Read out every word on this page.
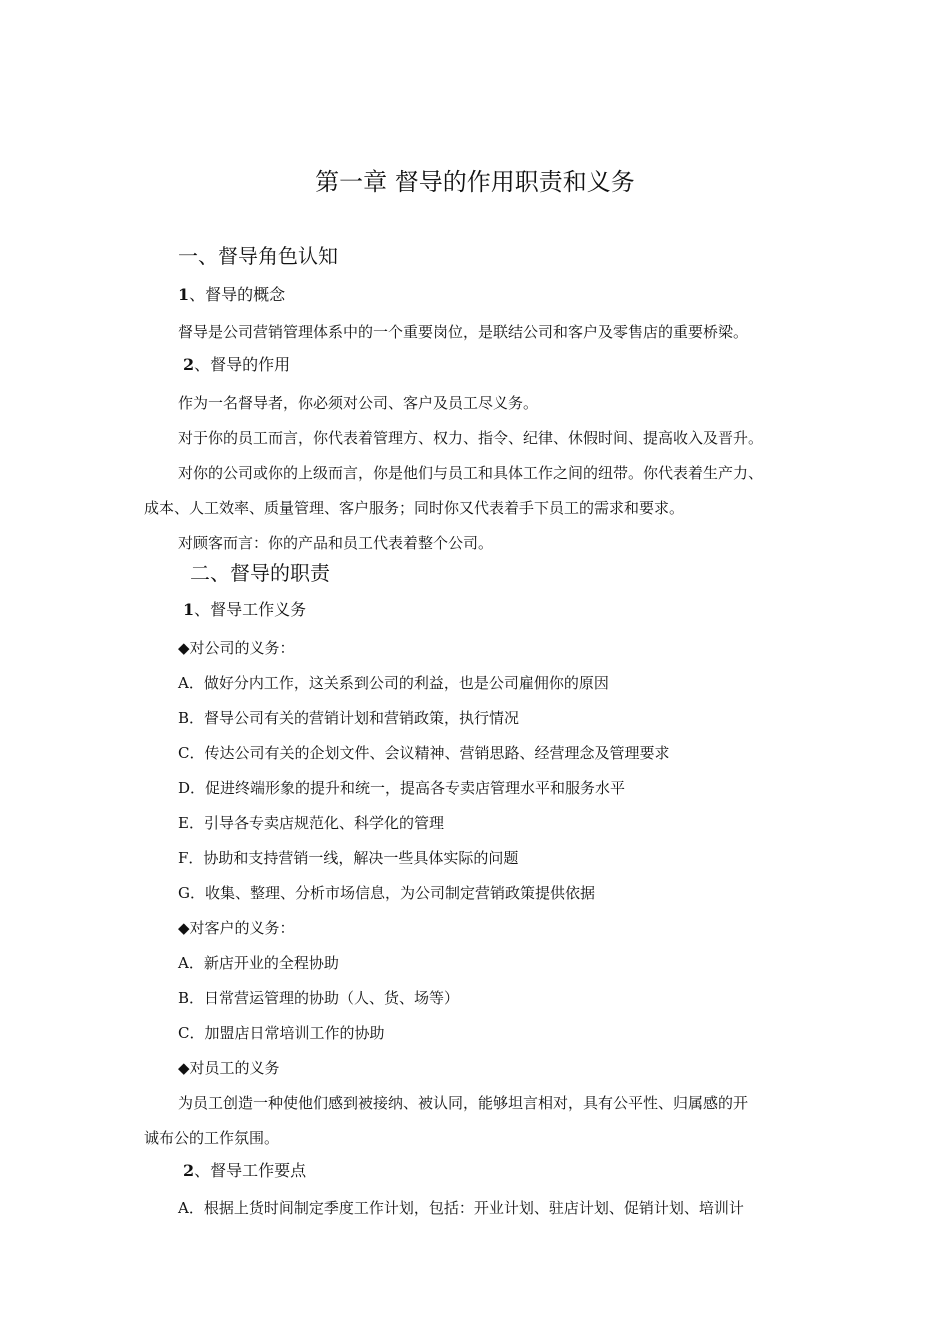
第一章 督导的作用职责和义务
一、督导角色认知
1、督导的概念
督导是公司营销管理体系中的一个重要岗位，是联结公司和客户及零售店的重要桥梁。
2、督导的作用
作为一名督导者，你必须对公司、客户及员工尽义务。
对于你的员工而言，你代表着管理方、权力、指令、纪律、休假时间、提高收入及晋升。
对你的公司或你的上级而言，你是他们与员工和具体工作之间的纽带。你代表着生产力、
成本、人工效率、质量管理、客户服务；同时你又代表着手下员工的需求和要求。
对顾客而言：你的产品和员工代表着整个公司。
二、督导的职责
1、督导工作义务
◆对公司的义务：
A．做好分内工作，这关系到公司的利益，也是公司雇佣你的原因
B．督导公司有关的营销计划和营销政策，执行情况
C．传达公司有关的企划文件、会议精神、营销思路、经营理念及管理要求
D．促进终端形象的提升和统一，提高各专卖店管理水平和服务水平
E．引导各专卖店规范化、科学化的管理
F．协助和支持营销一线，解决一些具体实际的问题
G．收集、整理、分析市场信息，为公司制定营销政策提供依据
◆对客户的义务：
A．新店开业的全程协助
B．日常营运管理的协助（人、货、场等）
C．加盟店日常培训工作的协助
◆对员工的义务
为员工创造一种使他们感到被接纳、被认同，能够坦言相对，具有公平性、归属感的开
诚布公的工作氛围。
2、督导工作要点
A．根据上货时间制定季度工作计划，包括：开业计划、驻店计划、促销计划、培训计
